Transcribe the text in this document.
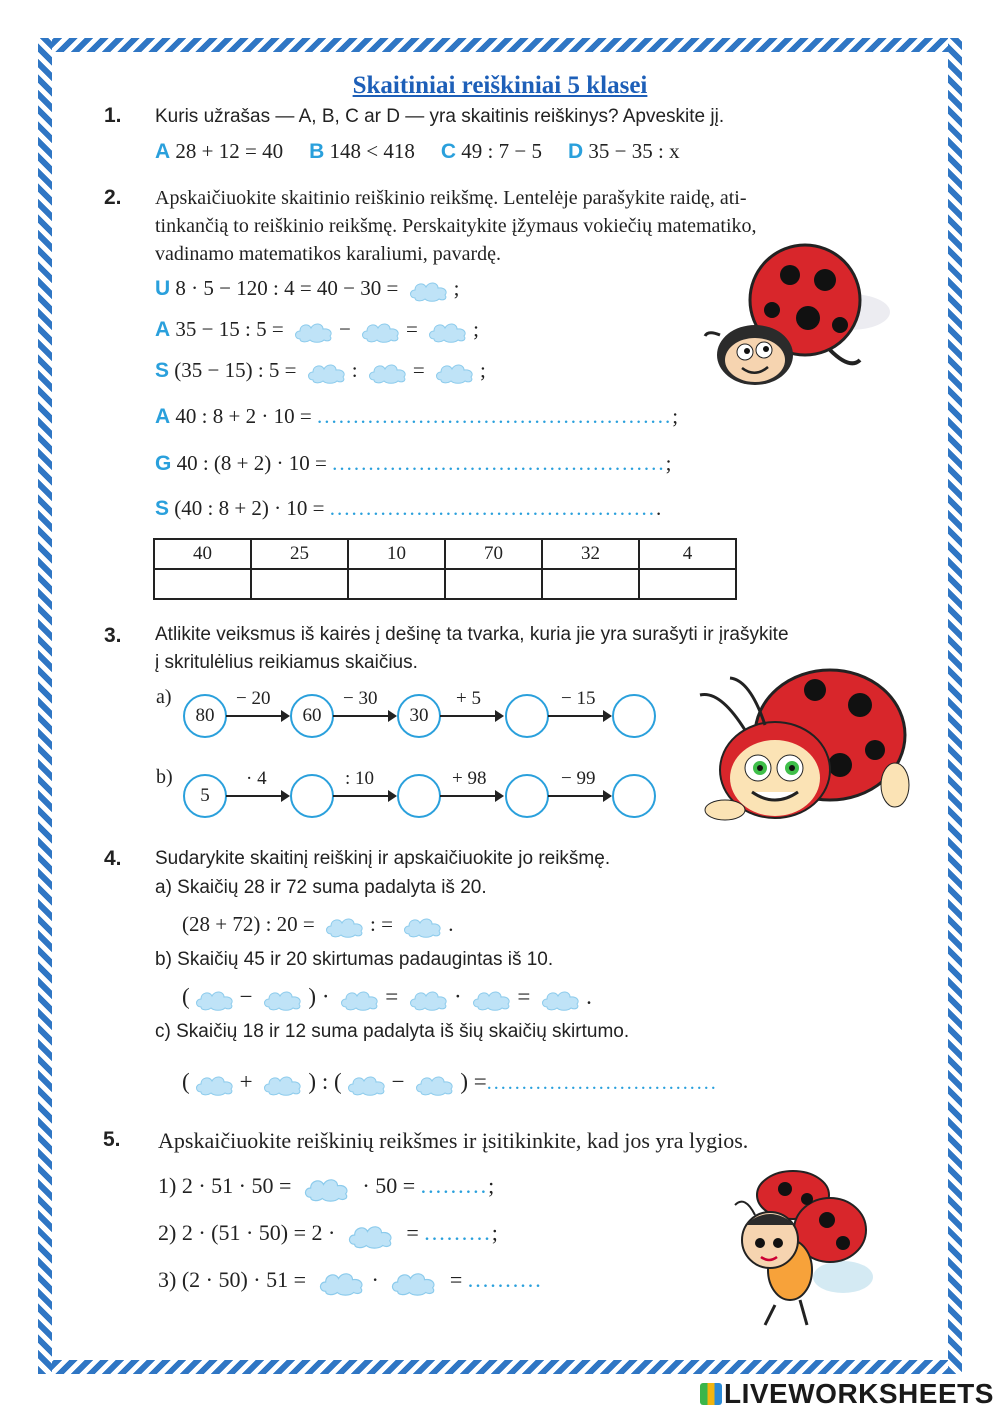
Skaitiniai reiškiniai 5 klasei
1. Kuris užrašas — A, B, C ar D — yra skaitinis reiškinys? Apveskite jį.
A 28 + 12 = 40 B 148 < 418 C 49 : 7 − 5 D 35 − 35 : x
2. Apskaičiuokite skaitinio reiškinio reikšmę. Lentelėje parašykite raidę, ati-
tinkančią to reiškinio reikšmę. Perskaitykite įžymaus vokiečių matematiko,
vadinamo matematikos karaliumi, pavardę.
U 8 · 5 − 120 : 4 = 40 − 30 =	;
A 35 − 15 : 5 =	−	=	;
S (35 − 15) : 5 =	:	=	;
A 40 : 8 + 2 · 10 = .................................................;
G 40 : (8 + 2) · 10 = ..............................................;
S (40 : 8 + 2) · 10 = ..............................................
40	25	10	70	32	4

3. Atlikite veiksmus iš kairės į dešinę ta tvarka, kuria jie yra surašyti ir įrašykite
į skritulėlius reikiamus skaičius.
a)
80	60	30
− 20	− 30	+ 5	− 15
b)
5
· 4	: 10	+ 98	− 99
4. Sudarykite skaitinį reiškinį ir apskaičiuokite jo reikšmę.
a) Skaičių 28 ir 72 suma padalyta iš 20.
(28 + 72) : 20 =	: =	.
b) Skaičių 45 ir 20 skirtumas padaugintas iš 10.
( − ) · = · = .
c) Skaičių 18 ir 12 suma padalyta iš šių skaičių skirtumo.
( + ) : ( − ) =.................................
5. Apskaičiuokite reiškinių reikšmes ir įsitikinkite, kad jos yra lygios.
1) 2 · 51 · 50 =	· 50 = .........;
2) 2 · (51 · 50) = 2 ·	= .........;
3) (2 · 50) · 51 =	·	= ..........
LIVEWORKSHEETS
